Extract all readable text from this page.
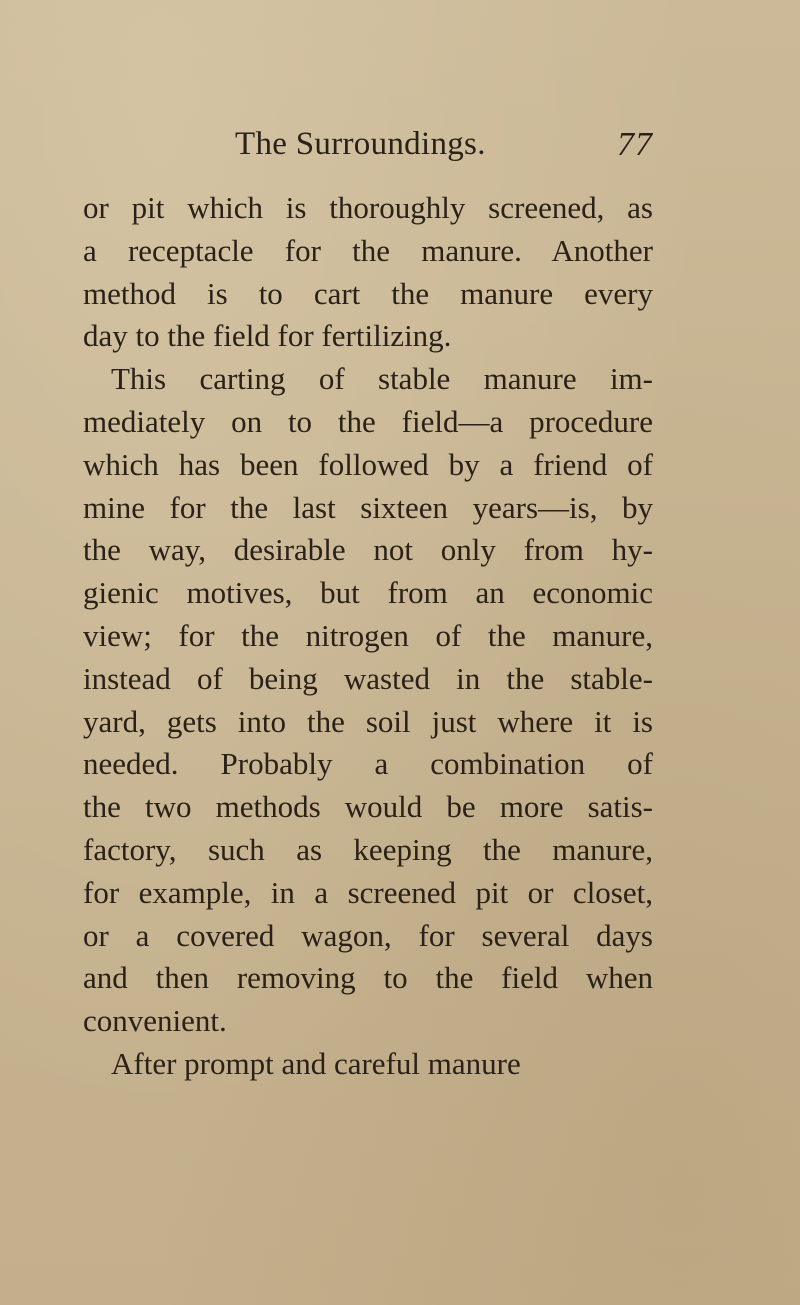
The Surroundings.	77
or pit which is thoroughly screened, as
a receptacle for the manure. Another
method is to cart the manure every
day to the field for fertilizing.
This carting of stable manure im-
mediately on to the field—a procedure
which has been followed by a friend of
mine for the last sixteen years—is, by
the way, desirable not only from hy-
gienic motives, but from an economic
view; for the nitrogen of the manure,
instead of being wasted in the stable-
yard, gets into the soil just where it is
needed. Probably a combination of
the two methods would be more satis-
factory, such as keeping the manure,
for example, in a screened pit or closet,
or a covered wagon, for several days
and then removing to the field when
convenient.
After prompt and careful manure
